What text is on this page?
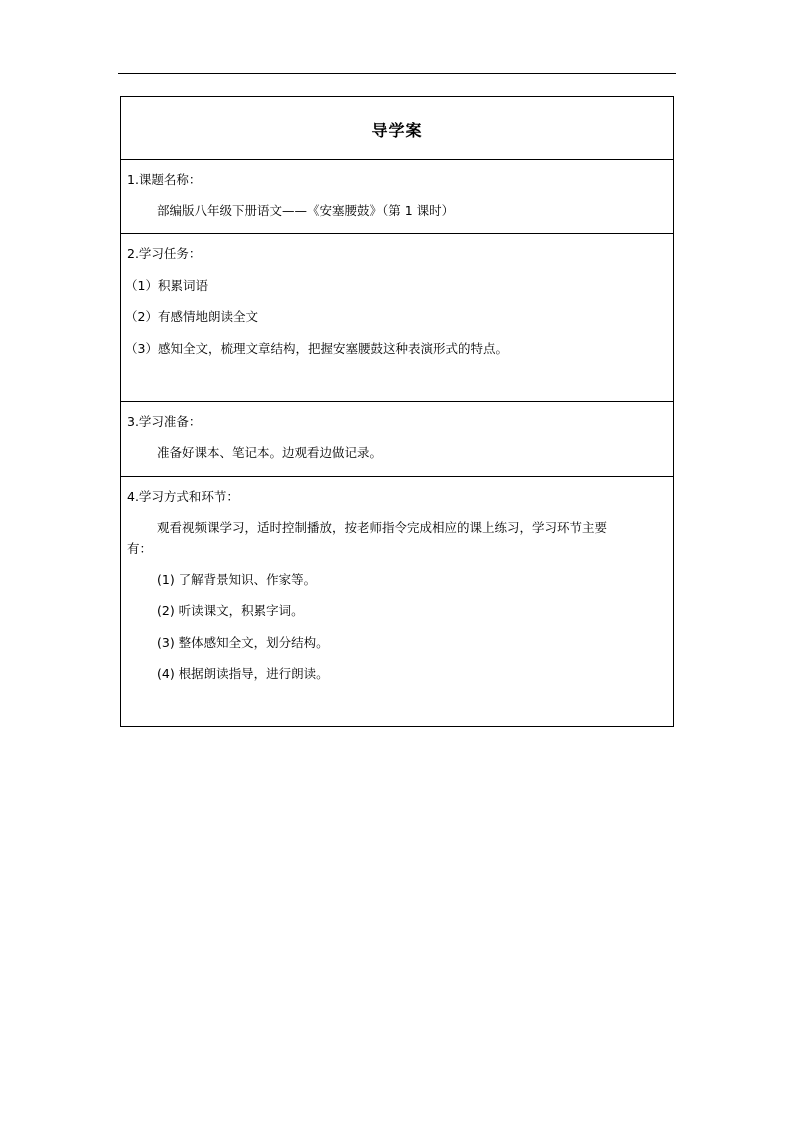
导学案

1.课题名称：
部编版八年级下册语文——《安塞腰鼓》（第 1 课时）

2.学习任务：
（1）积累词语
（2）有感情地朗读全文
（3）感知全文，梳理文章结构，把握安塞腰鼓这种表演形式的特点。

3.学习准备：
准备好课本、笔记本。边观看边做记录。

4.学习方式和环节：
观看视频课学习，适时控制播放，按老师指令完成相应的课上练习，学习环节主要
有：
(1) 了解背景知识、作家等。
(2) 听读课文，积累字词。
(3) 整体感知全文，划分结构。
(4) 根据朗读指导，进行朗读。
